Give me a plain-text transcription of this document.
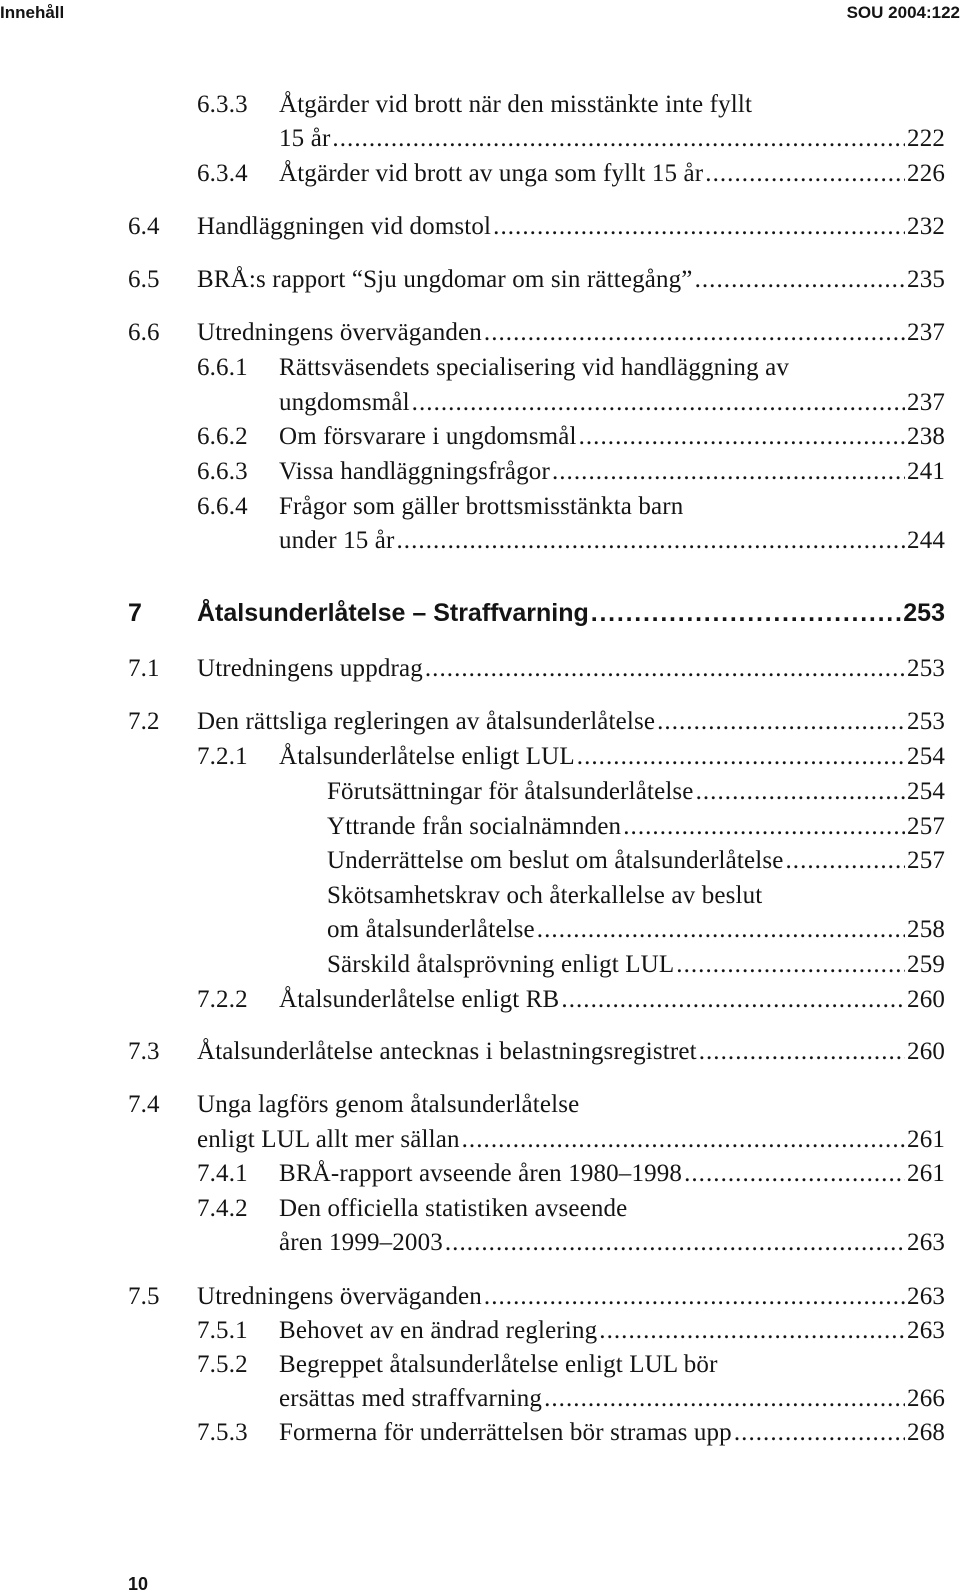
Innehåll	SOU 2004:122
6.3.3 Åtgärder vid brott när den misstänkte inte fyllt
15 år . . .	222
6.3.4 Åtgärder vid brott av unga som fyllt 15 år . . .	226
6.4 Handläggningen vid domstol . . .	232
6.5 BRÅ:s rapport “Sju ungdomar om sin rättegång” . . .	235
6.6 Utredningens överväganden . . .	237
6.6.1 Rättsväsendets specialisering vid handläggning av
ungdomsmål . . .	237
6.6.2 Om försvarare i ungdomsmål . . .	238
6.6.3 Vissa handläggningsfrågor . . .	241
6.6.4 Frågor som gäller brottsmisstänkta barn
under 15 år . . .	244
7 Åtalsunderlåtelse – Straffvarning . . .	253
7.1 Utredningens uppdrag . . .	253
7.2 Den rättsliga regleringen av åtalsunderlåtelse . . .	253
7.2.1 Åtalsunderlåtelse enligt LUL . . .	254
Förutsättningar för åtalsunderlåtelse . . .	254
Yttrande från socialnämnden . . .	257
Underrättelse om beslut om åtalsunderlåtelse . . .	257
Skötsamhetskrav och återkallelse av beslut
om åtalsunderlåtelse . . .	258
Särskild åtalsprövning enligt LUL . . .	259
7.2.2 Åtalsunderlåtelse enligt RB . . .	260
7.3 Åtalsunderlåtelse antecknas i belastningsregistret . . .	260
7.4 Unga lagförs genom åtalsunderlåtelse
enligt LUL allt mer sällan . . .	261
7.4.1 BRÅ-rapport avseende åren 1980–1998 . . .	261
7.4.2 Den officiella statistiken avseende
åren 1999–2003 . . .	263
7.5 Utredningens överväganden . . .	263
7.5.1 Behovet av en ändrad reglering . . .	263
7.5.2 Begreppet åtalsunderlåtelse enligt LUL bör
ersättas med straffvarning . . .	266
7.5.3 Formerna för underrättelsen bör stramas upp . . .	268
10
